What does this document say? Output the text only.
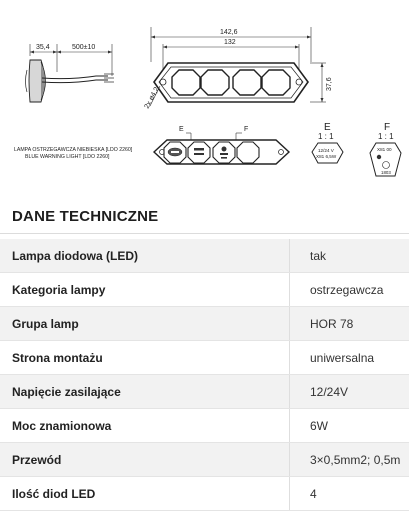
35,4	500±10
142,6
132
37,6
2x ø4,2
LAMPA OSTRZEGAWCZA NIEBIESKA [LDO 2260]
BLUE WARNING LIGHT [LDO 2260]
E	F	E
1 : 1
12/24 V
X81 6,5W
F
1 : 1
X81 00
1803
DANE TECHNICZNE
Lampa diodowa (LED)	tak
Kategoria lampy	ostrzegawcza
Grupa lamp	HOR 78
Strona montażu	uniwersalna
Napięcie zasilające	12/24V
Moc znamionowa	6W
Przewód	3×0,5mm2; 0,5m
Ilość diod LED	4
